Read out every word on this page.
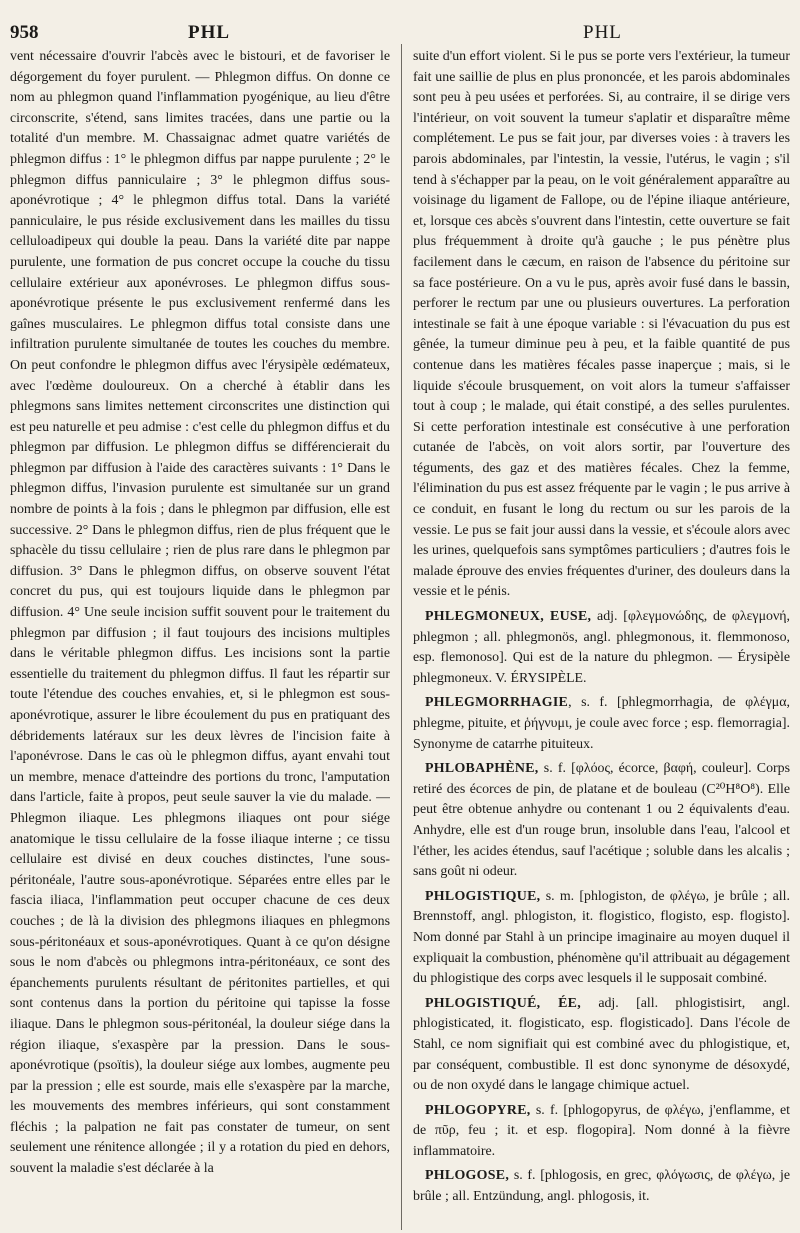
958	PHL	PHL

vent nécessaire d'ouvrir l'abcès avec le bistouri, et de favoriser le dégorgement du foyer purulent. — Phlegmon diffus. On donne ce nom au phlegmon quand l'inflammation pyogénique, au lieu d'être circonscrite, s'étend, sans limites tracées, dans une partie ou la totalité d'un membre. M. Chassaignac admet quatre variétés de phlegmon diffus : 1° le phlegmon diffus par nappe purulente ; 2° le phlegmon diffus panniculaire ; 3° le phlegmon diffus sous-aponévrotique ; 4° le phlegmon diffus total. Dans la variété panniculaire, le pus réside exclusivement dans les mailles du tissu celluloadipeux qui double la peau. Dans la variété dite par nappe purulente, une formation de pus concret occupe la couche du tissu cellulaire extérieur aux aponévroses. Le phlegmon diffus sous-aponévrotique présente le pus exclusivement renfermé dans les gaînes musculaires. Le phlegmon diffus total consiste dans une infiltration purulente simultanée de toutes les couches du membre. On peut confondre le phlegmon diffus avec l'érysipèle œdémateux, avec l'œdème douloureux. On a cherché à établir dans les phlegmons sans limites nettement circonscrites une distinction qui est peu naturelle et peu admise : c'est celle du phlegmon diffus et du phlegmon par diffusion. Le phlegmon diffus se différencierait du phlegmon par diffusion à l'aide des caractères suivants : 1° Dans le phlegmon diffus, l'invasion purulente est simultanée sur un grand nombre de points à la fois ; dans le phlegmon par diffusion, elle est successive. 2° Dans le phlegmon diffus, rien de plus fréquent que le sphacèle du tissu cellulaire ; rien de plus rare dans le phlegmon par diffusion. 3° Dans le phlegmon diffus, on observe souvent l'état concret du pus, qui est toujours liquide dans le phlegmon par diffusion. 4° Une seule incision suffit souvent pour le traitement du phlegmon par diffusion ; il faut toujours des incisions multiples dans le véritable phlegmon diffus. Les incisions sont la partie essentielle du traitement du phlegmon diffus. Il faut les répartir sur toute l'étendue des couches envahies, et, si le phlegmon est sous-aponévrotique, assurer le libre écoulement du pus en pratiquant des débridements latéraux sur les deux lèvres de l'incision faite à l'aponévrose. Dans le cas où le phlegmon diffus, ayant envahi tout un membre, menace d'atteindre des portions du tronc, l'amputation dans l'article, faite à propos, peut seule sauver la vie du malade. — Phlegmon iliaque. Les phlegmons iliaques ont pour siége anatomique le tissu cellulaire de la fosse iliaque interne ; ce tissu cellulaire est divisé en deux couches distinctes, l'une sous-péritonéale, l'autre sous-aponévrotique. Séparées entre elles par le fascia iliaca, l'inflammation peut occuper chacune de ces deux couches ; de là la division des phlegmons iliaques en phlegmons sous-péritonéaux et sous-aponévrotiques. Quant à ce qu'on désigne sous le nom d'abcès ou phlegmons intra-péritonéaux, ce sont des épanchements purulents résultant de péritonites partielles, et qui sont contenus dans la portion du péritoine qui tapisse la fosse iliaque. Dans le phlegmon sous-péritonéal, la douleur siége dans la région iliaque, s'exaspère par la pression. Dans le sous-aponévrotique (psoïtis), la douleur siége aux lombes, augmente peu par la pression ; elle est sourde, mais elle s'exaspère par la marche, les mouvements des membres inférieurs, qui sont constamment fléchis ; la palpation ne fait pas constater de tumeur, on sent seulement une rénitence allongée ; il y a rotation du pied en dehors, souvent la maladie s'est déclarée à la

suite d'un effort violent. Si le pus se porte vers l'extérieur, la tumeur fait une saillie de plus en plus prononcée, et les parois abdominales sont peu à peu usées et perforées. Si, au contraire, il se dirige vers l'intérieur, on voit souvent la tumeur s'aplatir et disparaître même complétement. Le pus se fait jour, par diverses voies : à travers les parois abdominales, par l'intestin, la vessie, l'utérus, le vagin ; s'il tend à s'échapper par la peau, on le voit généralement apparaître au voisinage du ligament de Fallope, ou de l'épine iliaque antérieure, et, lorsque ces abcès s'ouvrent dans l'intestin, cette ouverture se fait plus fréquemment à droite qu'à gauche ; le pus pénètre plus facilement dans le cæcum, en raison de l'absence du péritoine sur sa face postérieure. On a vu le pus, après avoir fusé dans le bassin, perforer le rectum par une ou plusieurs ouvertures. La perforation intestinale se fait à une époque variable : si l'évacuation du pus est gênée, la tumeur diminue peu à peu, et la faible quantité de pus contenue dans les matières fécales passe inaperçue ; mais, si le liquide s'écoule brusquement, on voit alors la tumeur s'affaisser tout à coup ; le malade, qui était constipé, a des selles purulentes. Si cette perforation intestinale est consécutive à une perforation cutanée de l'abcès, on voit alors sortir, par l'ouverture des téguments, des gaz et des matières fécales. Chez la femme, l'élimination du pus est assez fréquente par le vagin ; le pus arrive à ce conduit, en fusant le long du rectum ou sur les parois de la vessie. Le pus se fait jour aussi dans la vessie, et s'écoule alors avec les urines, quelquefois sans symptômes particuliers ; d'autres fois le malade éprouve des envies fréquentes d'uriner, des douleurs dans la vessie et le pénis.

PHLEGMONEUX, EUSE, adj. [φλεγμονώδης, de φλεγμονή, phlegmon ; all. phlegmonös, angl. phlegmonous, it. flemmonoso, esp. flemonoso]. Qui est de la nature du phlegmon. — Érysipèle phlegmoneux. V. ÉRYSIPÈLE.

PHLEGMORRHAGIE, s. f. [phlegmorrhagia, de φλέγμα, phlegme, pituite, et ῥήγνυμι, je coule avec force ; esp. flemorragia]. Synonyme de catarrhe pituiteux.

PHLOBAPHÈNE, s. f. [φλόος, écorce, βαφή, couleur]. Corps retiré des écorces de pin, de platane et de bouleau (C²⁰H⁸O⁸). Elle peut être obtenue anhydre ou contenant 1 ou 2 équivalents d'eau. Anhydre, elle est d'un rouge brun, insoluble dans l'eau, l'alcool et l'éther, les acides étendus, sauf l'acétique ; soluble dans les alcalis ; sans goût ni odeur.

PHLOGISTIQUE, s. m. [phlogiston, de φλέγω, je brûle ; all. Brennstoff, angl. phlogiston, it. flogistico, flogisto, esp. flogisto]. Nom donné par Stahl à un principe imaginaire au moyen duquel il expliquait la combustion, phénomène qu'il attribuait au dégagement du phlogistique des corps avec lesquels il le supposait combiné.

PHLOGISTIQUÉ, ÉE, adj. [all. phlogistisirt, angl. phlogisticated, it. flogisticato, esp. flogisticado]. Dans l'école de Stahl, ce nom signifiait qui est combiné avec du phlogistique, et, par conséquent, combustible. Il est donc synonyme de désoxydé, ou de non oxydé dans le langage chimique actuel.

PHLOGOPYRE, s. f. [phlogopyrus, de φλέγω, j'enflamme, et de πῦρ, feu ; it. et esp. flogopira]. Nom donné à la fièvre inflammatoire.

PHLOGOSE, s. f. [phlogosis, en grec, φλόγωσις, de φλέγω, je brûle ; all. Entzündung, angl. phlogosis, it.
